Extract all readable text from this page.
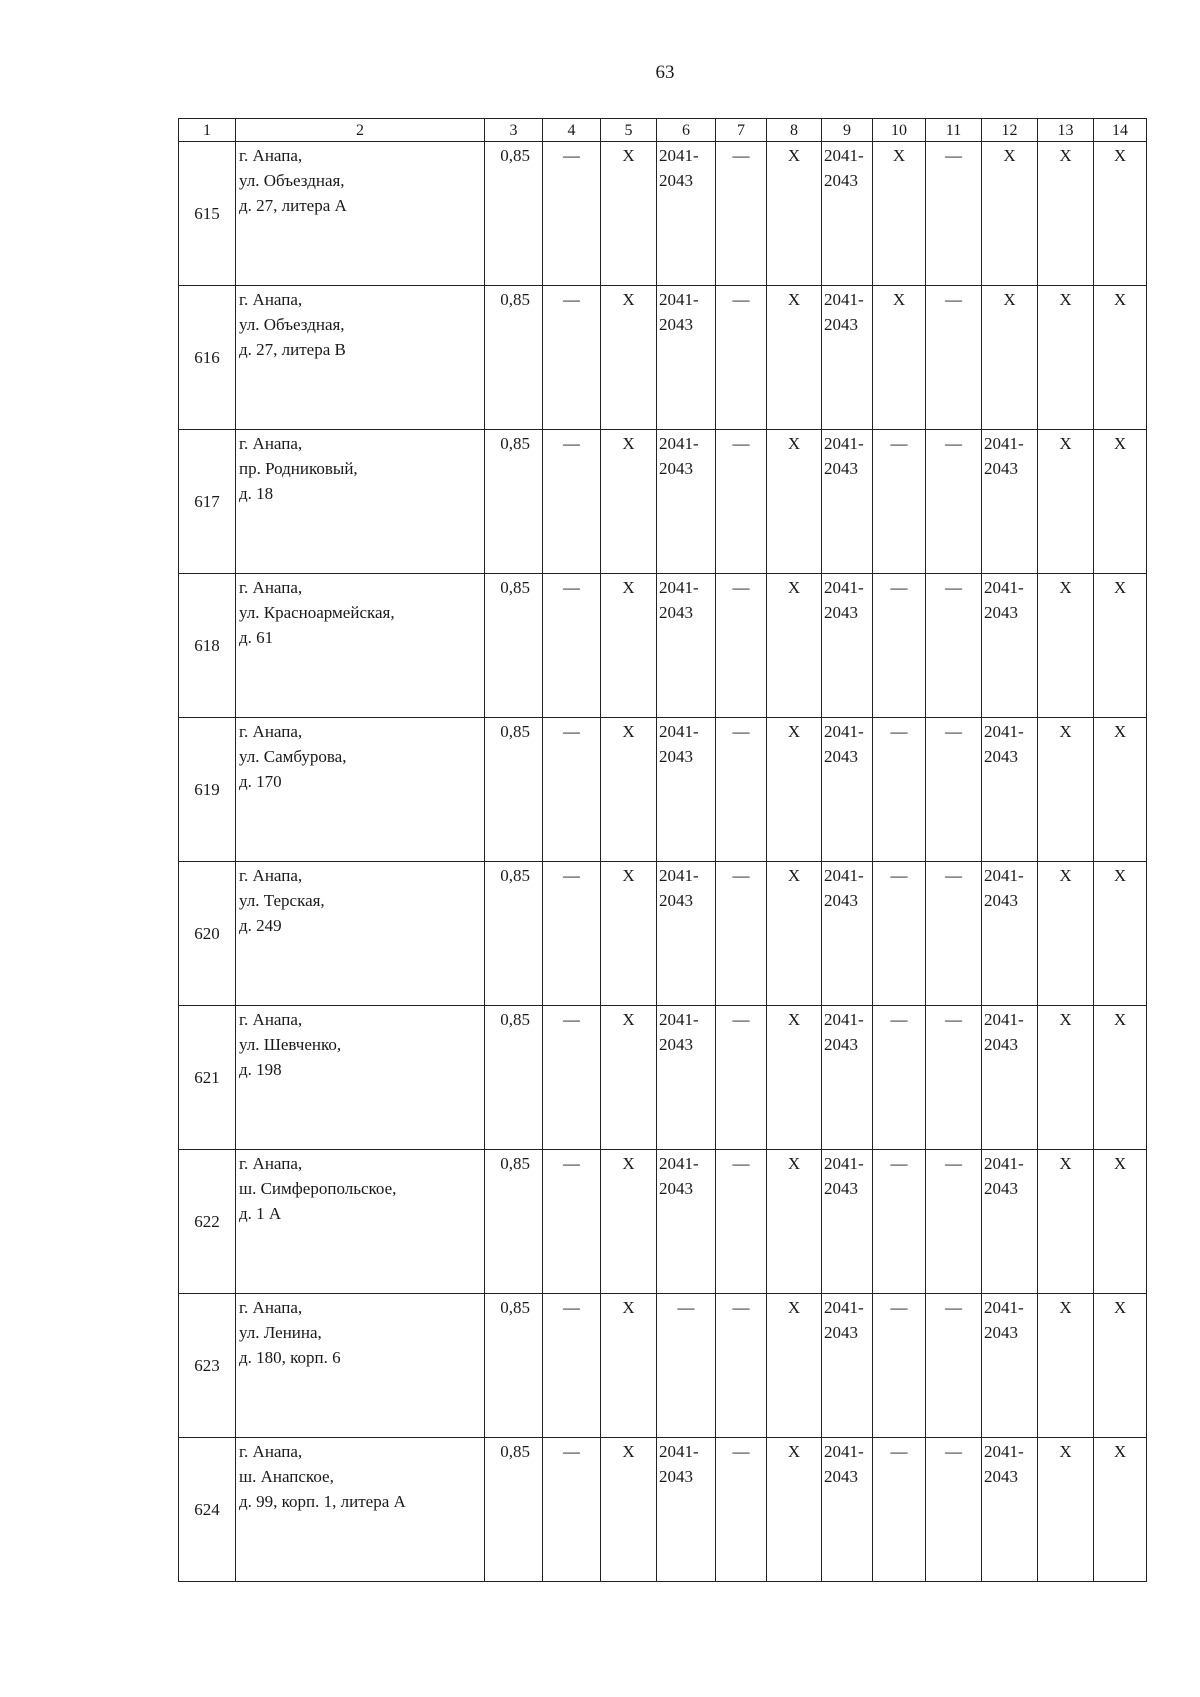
63
1	2	3	4	5	6	7	8	9	10	11	12	13	14
615	г. Анапа,
ул. Объездная,
д. 27, литера А	0,85	—	Х	2041-
2043	—	Х	2041-
2043	Х	—	Х	Х	Х
616	г. Анапа,
ул. Объездная,
д. 27, литера В	0,85	—	Х	2041-
2043	—	Х	2041-
2043	Х	—	Х	Х	Х
617	г. Анапа,
пр. Родниковый,
д. 18	0,85	—	Х	2041-
2043	—	Х	2041-
2043	—	—	2041-
2043	Х	Х
618	г. Анапа,
ул. Красноармейская,
д. 61	0,85	—	Х	2041-
2043	—	Х	2041-
2043	—	—	2041-
2043	Х	Х
619	г. Анапа,
ул. Самбурова,
д. 170	0,85	—	Х	2041-
2043	—	Х	2041-
2043	—	—	2041-
2043	Х	Х
620	г. Анапа,
ул. Терская,
д. 249	0,85	—	Х	2041-
2043	—	Х	2041-
2043	—	—	2041-
2043	Х	Х
621	г. Анапа,
ул. Шевченко,
д. 198	0,85	—	Х	2041-
2043	—	Х	2041-
2043	—	—	2041-
2043	Х	Х
622	г. Анапа,
ш. Симферопольское,
д. 1 А	0,85	—	Х	2041-
2043	—	Х	2041-
2043	—	—	2041-
2043	Х	Х
623	г. Анапа,
ул. Ленина,
д. 180, корп. 6	0,85	—	Х	—	—	Х	2041-
2043	—	—	2041-
2043	Х	Х
624	г. Анапа,
ш. Анапское,
д. 99, корп. 1, литера А	0,85	—	Х	2041-
2043	—	Х	2041-
2043	—	—	2041-
2043	Х	Х
